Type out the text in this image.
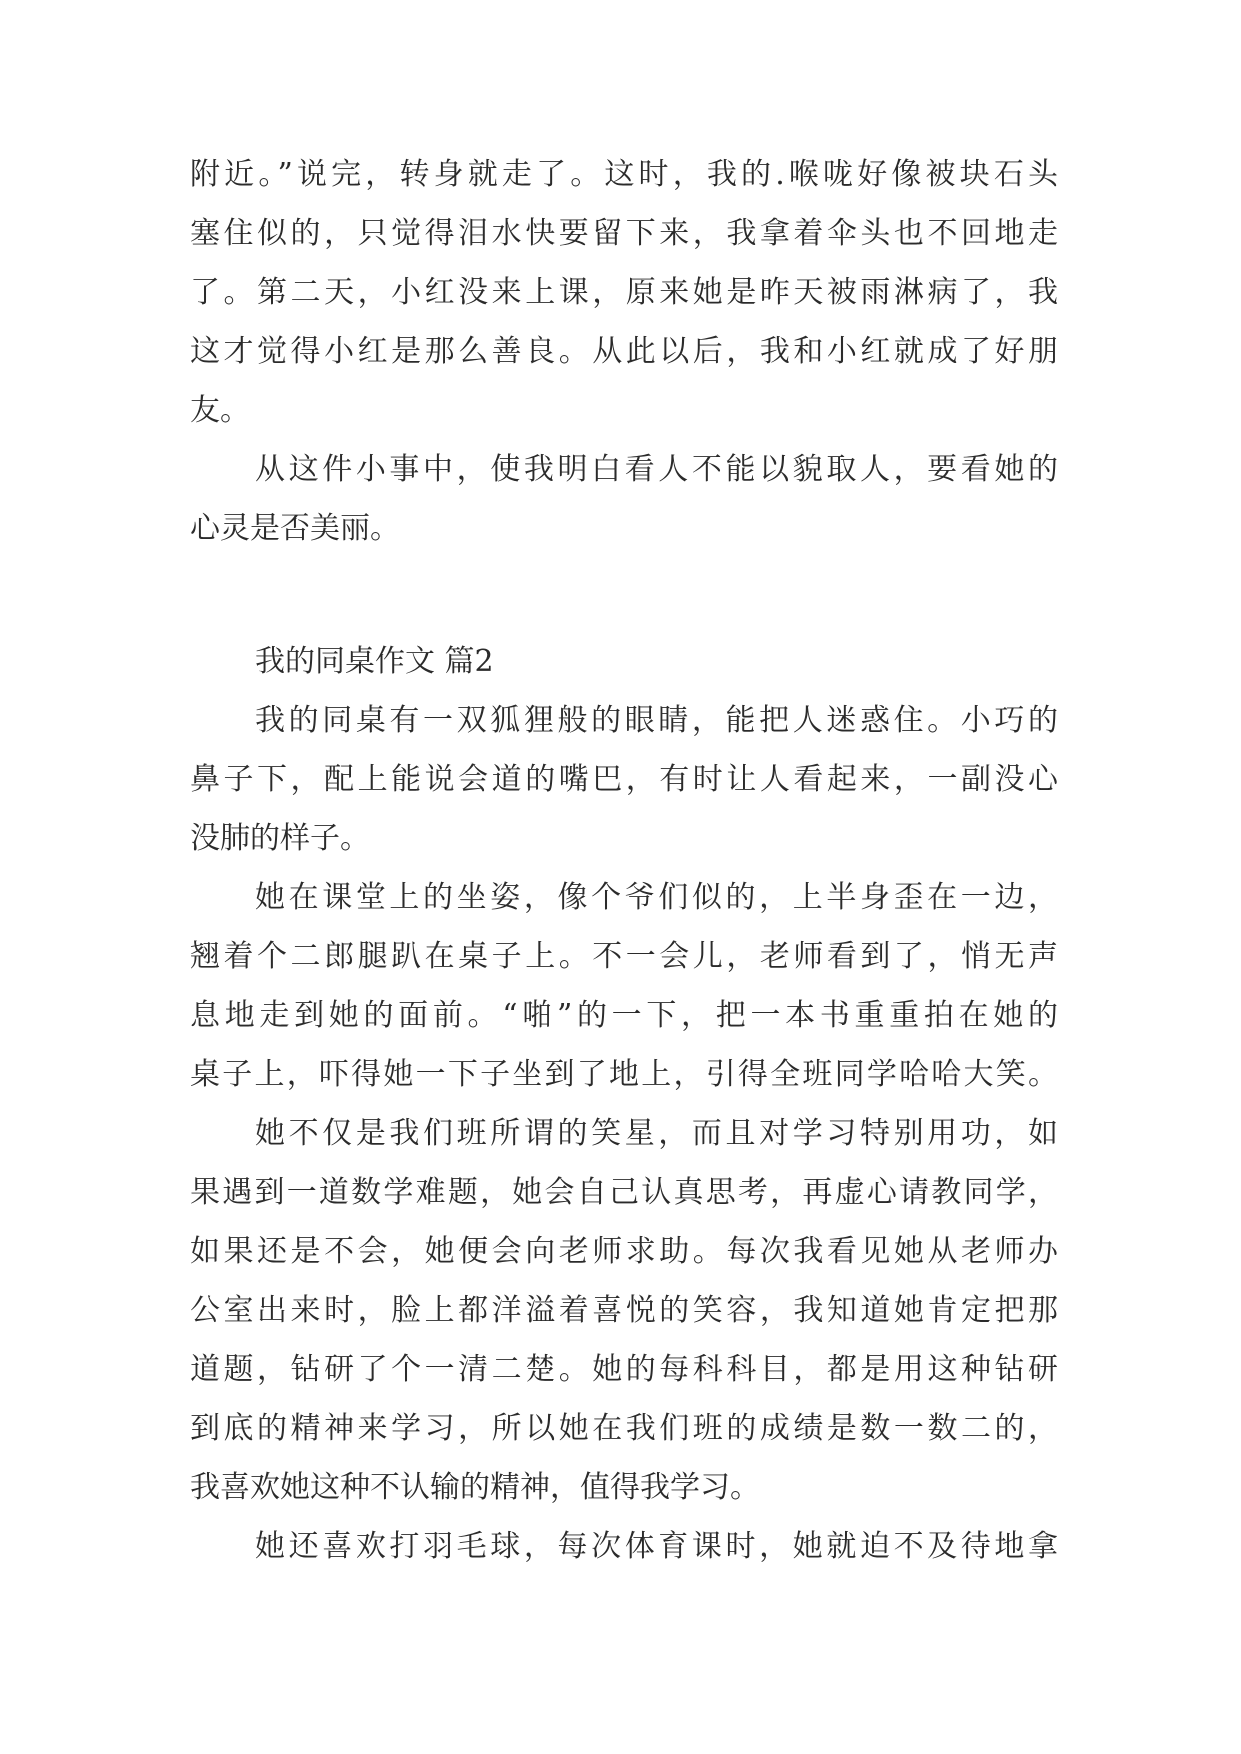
附近。”说完，转身就走了。这时，我的.喉咙好像被块石头
塞住似的，只觉得泪水快要留下来，我拿着伞头也不回地走
了。第二天，小红没来上课，原来她是昨天被雨淋病了，我
这才觉得小红是那么善良。从此以后，我和小红就成了好朋
友。
从这件小事中，使我明白看人不能以貌取人，要看她的
心灵是否美丽。
我的同桌作文 篇2
我的同桌有一双狐狸般的眼睛，能把人迷惑住。小巧的
鼻子下，配上能说会道的嘴巴，有时让人看起来，一副没心
没肺的样子。
她在课堂上的坐姿，像个爷们似的，上半身歪在一边，
翘着个二郎腿趴在桌子上。不一会儿，老师看到了，悄无声
息地走到她的面前。“啪”的一下，把一本书重重拍在她的
桌子上，吓得她一下子坐到了地上，引得全班同学哈哈大笑。
她不仅是我们班所谓的笑星，而且对学习特别用功，如
果遇到一道数学难题，她会自己认真思考，再虚心请教同学，
如果还是不会，她便会向老师求助。每次我看见她从老师办
公室出来时，脸上都洋溢着喜悦的笑容，我知道她肯定把那
道题，钻研了个一清二楚。她的每科科目，都是用这种钻研
到底的精神来学习，所以她在我们班的成绩是数一数二的，
我喜欢她这种不认输的精神，值得我学习。
她还喜欢打羽毛球，每次体育课时，她就迫不及待地拿
